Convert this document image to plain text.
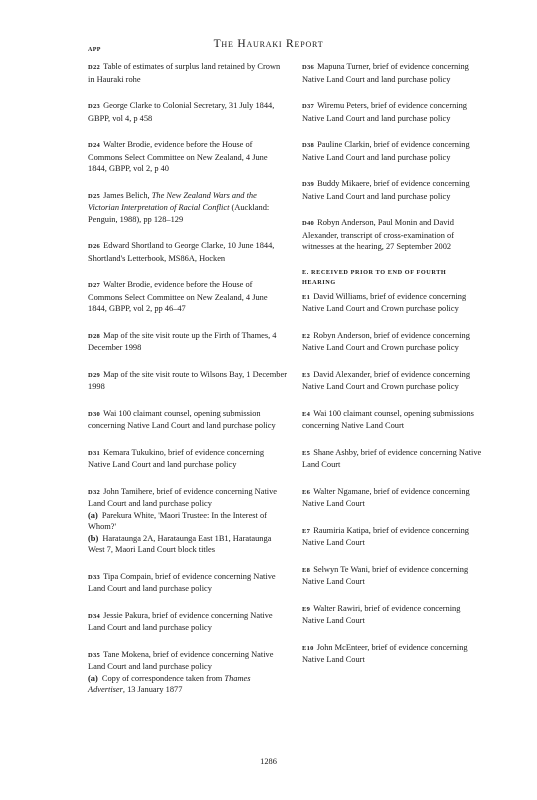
The Hauraki Report
APP
D22 Table of estimates of surplus land retained by Crown in Hauraki rohe
D23 George Clarke to Colonial Secretary, 31 July 1844, GBPP, vol 4, p 458
D24 Walter Brodie, evidence before the House of Commons Select Committee on New Zealand, 4 June 1844, GBPP, vol 2, p 40
D25 James Belich, The New Zealand Wars and the Victorian Interpretation of Racial Conflict (Auckland: Penguin, 1988), pp 128–129
D26 Edward Shortland to George Clarke, 10 June 1844, Shortland's Letterbook, MS86A, Hocken
D27 Walter Brodie, evidence before the House of Commons Select Committee on New Zealand, 4 June 1844, GBPP, vol 2, pp 46–47
D28 Map of the site visit route up the Firth of Thames, 4 December 1998
D29 Map of the site visit route to Wilsons Bay, 1 December 1998
D30 Wai 100 claimant counsel, opening submission concerning Native Land Court and land purchase policy
D31 Kemara Tukukino, brief of evidence concerning Native Land Court and land purchase policy
D32 John Tamihere, brief of evidence concerning Native Land Court and land purchase policy
(a) Parekura White, 'Maori Trustee: In the Interest of Whom?'
(b) Harataunga 2A, Harataunga East 1B1, Harataunga West 7, Maori Land Court block titles
D33 Tipa Compain, brief of evidence concerning Native Land Court and land purchase policy
D34 Jessie Pakura, brief of evidence concerning Native Land Court and land purchase policy
D35 Tane Mokena, brief of evidence concerning Native Land Court and land purchase policy
(a) Copy of correspondence taken from Thames Advertiser, 13 January 1877
D36 Mapuna Turner, brief of evidence concerning Native Land Court and land purchase policy
D37 Wiremu Peters, brief of evidence concerning Native Land Court and land purchase policy
D38 Pauline Clarkin, brief of evidence concerning Native Land Court and land purchase policy
D39 Buddy Mikaere, brief of evidence concerning Native Land Court and land purchase policy
D40 Robyn Anderson, Paul Monin and David Alexander, transcript of cross-examination of witnesses at the hearing, 27 September 2002
E. RECEIVED PRIOR TO END OF FOURTH HEARING
E1 David Williams, brief of evidence concerning Native Land Court and Crown purchase policy
E2 Robyn Anderson, brief of evidence concerning Native Land Court and Crown purchase policy
E3 David Alexander, brief of evidence concerning Native Land Court and Crown purchase policy
E4 Wai 100 claimant counsel, opening submissions concerning Native Land Court
E5 Shane Ashby, brief of evidence concerning Native Land Court
E6 Walter Ngamane, brief of evidence concerning Native Land Court
E7 Raumiria Katipa, brief of evidence concerning Native Land Court
E8 Selwyn Te Wani, brief of evidence concerning Native Land Court
E9 Walter Rawiri, brief of evidence concerning Native Land Court
E10 John McEnteer, brief of evidence concerning Native Land Court
1286
